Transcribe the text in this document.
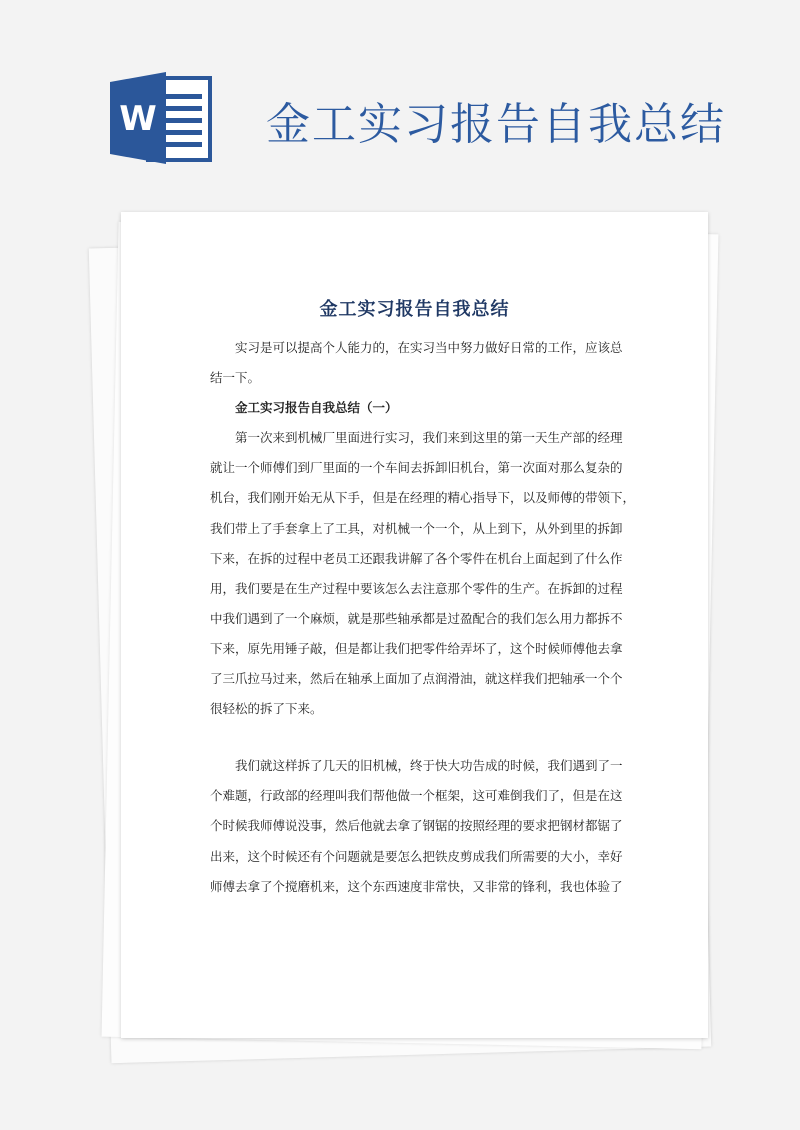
W 金工实习报告自我总结
金工实习报告自我总结
实习是可以提高个人能力的，在实习当中努力做好日常的工作，应该总
结一下。
金工实习报告自我总结（一）
第一次来到机械厂里面进行实习，我们来到这里的第一天生产部的经理
就让一个师傅们到厂里面的一个车间去拆卸旧机台，第一次面对那么复杂的
机台，我们刚开始无从下手，但是在经理的精心指导下，以及师傅的带领下，
我们带上了手套拿上了工具，对机械一个一个，从上到下，从外到里的拆卸
下来，在拆的过程中老员工还跟我讲解了各个零件在机台上面起到了什么作
用，我们要是在生产过程中要该怎么去注意那个零件的生产。在拆卸的过程
中我们遇到了一个麻烦，就是那些轴承都是过盈配合的我们怎么用力都拆不
下来，原先用锤子敲，但是都让我们把零件给弄坏了，这个时候师傅他去拿
了三爪拉马过来，然后在轴承上面加了点润滑油，就这样我们把轴承一个个
很轻松的拆了下来。
我们就这样拆了几天的旧机械，终于快大功告成的时候，我们遇到了一
个难题，行政部的经理叫我们帮他做一个框架，这可难倒我们了，但是在这
个时候我师傅说没事，然后他就去拿了钢锯的按照经理的要求把钢材都锯了
出来，这个时候还有个问题就是要怎么把铁皮剪成我们所需要的大小，幸好
师傅去拿了个搅磨机来，这个东西速度非常快，又非常的锋利，我也体验了
